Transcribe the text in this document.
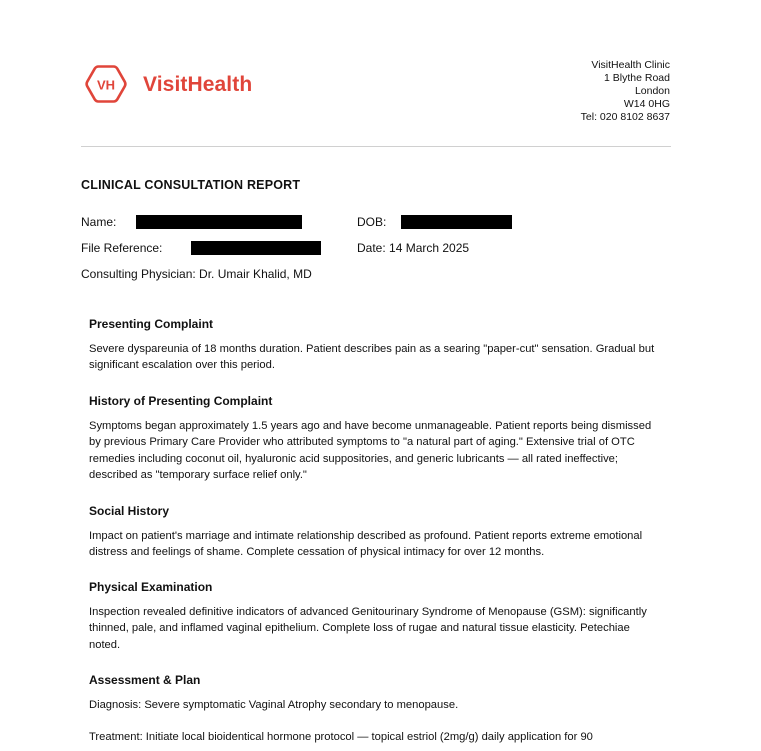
VH VisitHealth
VisitHealth Clinic
1 Blythe Road
London
W14 0HG
Tel: 020 8102 8637
CLINICAL CONSULTATION REPORT
Name:	DOB:
File Reference:	Date: 14 March 2025
Consulting Physician: Dr. Umair Khalid, MD
Presenting Complaint

Severe dyspareunia of 18 months duration. Patient describes pain as a searing "paper-cut" sensation. Gradual but significant escalation over this period.

History of Presenting Complaint

Symptoms began approximately 1.5 years ago and have become unmanageable. Patient reports being dismissed by previous Primary Care Provider who attributed symptoms to "a natural part of aging." Extensive trial of OTC remedies including coconut oil, hyaluronic acid suppositories, and generic lubricants — all rated ineffective; described as "temporary surface relief only."

Social History

Impact on patient's marriage and intimate relationship described as profound. Patient reports extreme emotional distress and feelings of shame. Complete cessation of physical intimacy for over 12 months.

Physical Examination

Inspection revealed definitive indicators of advanced Genitourinary Syndrome of Menopause (GSM): significantly thinned, pale, and inflamed vaginal epithelium. Complete loss of rugae and natural tissue elasticity. Petechiae noted.

Assessment & Plan

Diagnosis: Severe symptomatic Vaginal Atrophy secondary to menopause.

Treatment: Initiate local bioidentical hormone protocol — topical estriol (2mg/g) daily application for 90
